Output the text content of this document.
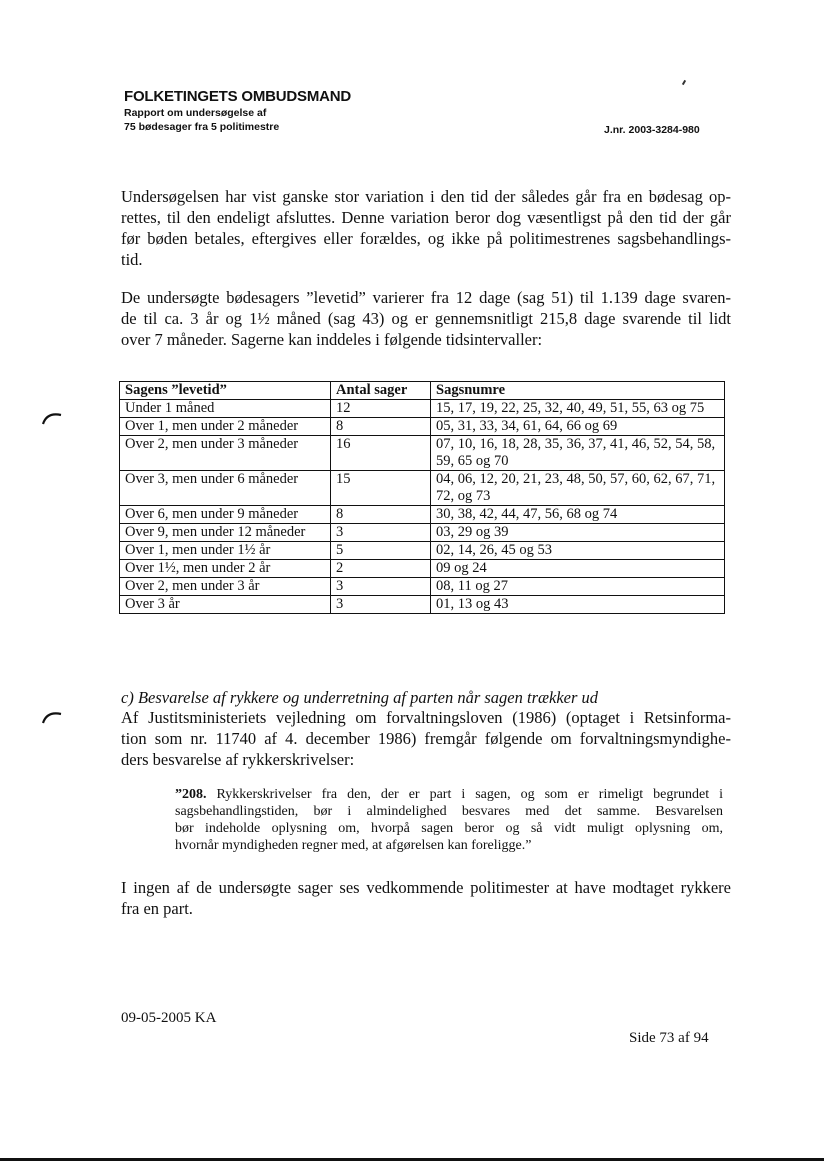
FOLKETINGETS OMBUDSMAND
Rapport om undersøgelse af
75 bødesager fra 5 politimestre	J.nr. 2003-3284-980
Undersøgelsen har vist ganske stor variation i den tid der således går fra en bødesag op-
rettes, til den endeligt afsluttes. Denne variation beror dog væsentligst på den tid der går
før bøden betales, eftergives eller forældes, og ikke på politimestrenes sagsbehandlings-
tid.
De undersøgte bødesagers ”levetid” varierer fra 12 dage (sag 51) til 1.139 dage svaren-
de til ca. 3 år og 1½ måned (sag 43) og er gennemsnitligt 215,8 dage svarende til lidt
over 7 måneder. Sagerne kan inddeles i følgende tidsintervaller:
Sagens ”levetid”	Antal sager	Sagsnumre
Under 1 måned	12	15, 17, 19, 22, 25, 32, 40, 49, 51, 55, 63 og 75
Over 1, men under 2 måneder	8	05, 31, 33, 34, 61, 64, 66 og 69
Over 2, men under 3 måneder	16	07, 10, 16, 18, 28, 35, 36, 37, 41, 46, 52, 54, 58, 59, 65 og 70
Over 3, men under 6 måneder	15	04, 06, 12, 20, 21, 23, 48, 50, 57, 60, 62, 67, 71, 72, og 73
Over 6, men under 9 måneder	8	30, 38, 42, 44, 47, 56, 68 og 74
Over 9, men under 12 måneder	3	03, 29 og 39
Over 1, men under 1½ år	5	02, 14, 26, 45 og 53
Over 1½, men under 2 år	2	09 og 24
Over 2, men under 3 år	3	08, 11 og 27
Over 3 år	3	01, 13 og 43
c) Besvarelse af rykkere og underretning af parten når sagen trækker ud
Af Justitsministeriets vejledning om forvaltningsloven (1986) (optaget i Retsinforma-
tion som nr. 11740 af 4. december 1986) fremgår følgende om forvaltningsmyndighe-
ders besvarelse af rykkerskrivelser:
”208. Rykkerskrivelser fra den, der er part i sagen, og som er rimeligt begrundet i
sagsbehandlingstiden, bør i almindelighed besvares med det samme. Besvarelsen
bør indeholde oplysning om, hvorpå sagen beror og så vidt muligt oplysning om,
hvornår myndigheden regner med, at afgørelsen kan foreligge.”
I ingen af de undersøgte sager ses vedkommende politimester at have modtaget rykkere
fra en part.
09-05-2005 KA
Side 73 af 94
